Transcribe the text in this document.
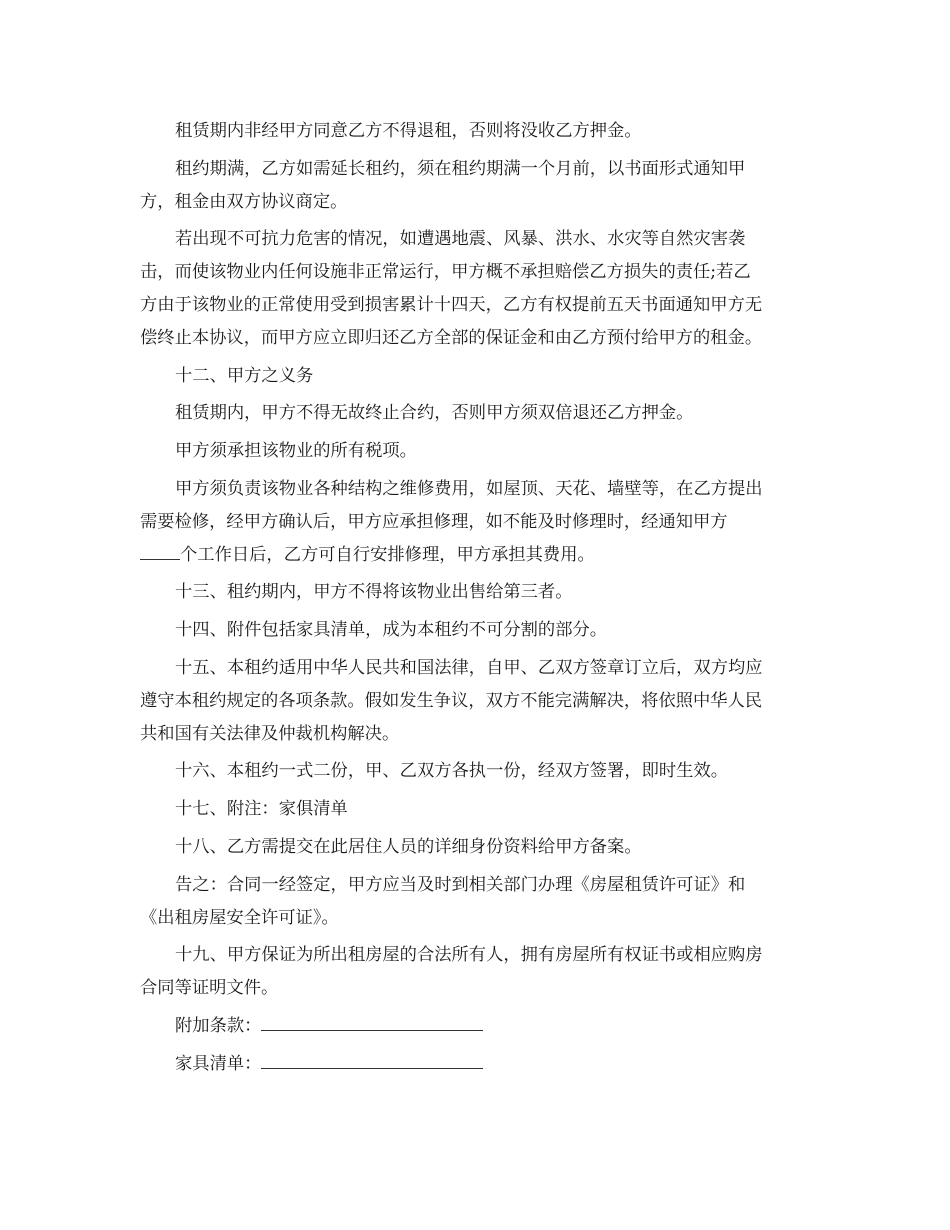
租赁期内非经甲方同意乙方不得退租，否则将没收乙方押金。

租约期满，乙方如需延长租约，须在租约期满一个月前，以书面形式通知甲
方，租金由双方协议商定。

若出现不可抗力危害的情况，如遭遇地震、风暴、洪水、水灾等自然灾害袭
击，而使该物业内任何设施非正常运行，甲方概不承担赔偿乙方损失的责任;若乙
方由于该物业的正常使用受到损害累计十四天，乙方有权提前五天书面通知甲方无
偿终止本协议，而甲方应立即归还乙方全部的保证金和由乙方预付给甲方的租金。

十二、甲方之义务

租赁期内，甲方不得无故终止合约，否则甲方须双倍退还乙方押金。

甲方须承担该物业的所有税项。

甲方须负责该物业各种结构之维修费用，如屋顶、天花、墙壁等，在乙方提出
需要检修，经甲方确认后，甲方应承担修理，如不能及时修理时，经通知甲方
个工作日后，乙方可自行安排修理，甲方承担其费用。

十三、租约期内，甲方不得将该物业出售给第三者。

十四、附件包括家具清单，成为本租约不可分割的部分。

十五、本租约适用中华人民共和国法律，自甲、乙双方签章订立后，双方均应
遵守本租约规定的各项条款。假如发生争议，双方不能完满解决，将依照中华人民
共和国有关法律及仲裁机构解决。

十六、本租约一式二份，甲、乙双方各执一份，经双方签署，即时生效。

十七、附注：家俱清单

十八、乙方需提交在此居住人员的详细身份资料给甲方备案。

告之：合同一经签定，甲方应当及时到相关部门办理《房屋租赁许可证》和
《出租房屋安全许可证》。

十九、甲方保证为所出租房屋的合法所有人，拥有房屋所有权证书或相应购房
合同等证明文件。

附加条款：

家具清单：
